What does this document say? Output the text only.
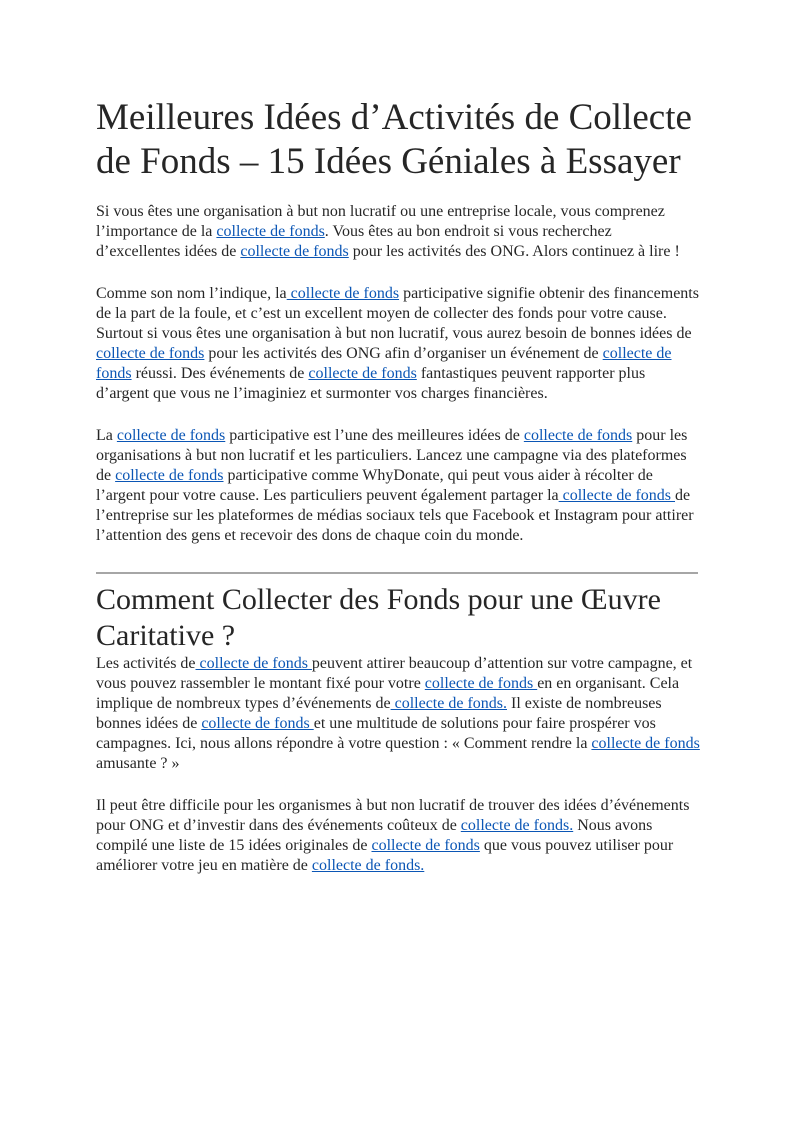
Meilleures Idées d’Activités de Collecte de Fonds – 15 Idées Géniales à Essayer

Si vous êtes une organisation à but non lucratif ou une entreprise locale, vous comprenez l’importance de la collecte de fonds. Vous êtes au bon endroit si vous recherchez d’excellentes idées de collecte de fonds pour les activités des ONG. Alors continuez à lire !

Comme son nom l’indique, la collecte de fonds participative signifie obtenir des financements de la part de la foule, et c’est un excellent moyen de collecter des fonds pour votre cause. Surtout si vous êtes une organisation à but non lucratif, vous aurez besoin de bonnes idées de collecte de fonds pour les activités des ONG afin d’organiser un événement de collecte de fonds réussi. Des événements de collecte de fonds fantastiques peuvent rapporter plus d’argent que vous ne l’imaginiez et surmonter vos charges financières.

La collecte de fonds participative est l’une des meilleures idées de collecte de fonds pour les organisations à but non lucratif et les particuliers. Lancez une campagne via des plateformes de collecte de fonds participative comme WhyDonate, qui peut vous aider à récolter de l’argent pour votre cause. Les particuliers peuvent également partager la collecte de fonds de l’entreprise sur les plateformes de médias sociaux tels que Facebook et Instagram pour attirer l’attention des gens et recevoir des dons de chaque coin du monde.

Comment Collecter des Fonds pour une Œuvre Caritative ?

Les activités de collecte de fonds peuvent attirer beaucoup d’attention sur votre campagne, et vous pouvez rassembler le montant fixé pour votre collecte de fonds en en organisant. Cela implique de nombreux types d’événements de collecte de fonds. Il existe de nombreuses bonnes idées de collecte de fonds et une multitude de solutions pour faire prospérer vos campagnes. Ici, nous allons répondre à votre question : « Comment rendre la collecte de fonds amusante ? »

Il peut être difficile pour les organismes à but non lucratif de trouver des idées d’événements pour ONG et d’investir dans des événements coûteux de collecte de fonds. Nous avons compilé une liste de 15 idées originales de collecte de fonds que vous pouvez utiliser pour améliorer votre jeu en matière de collecte de fonds.
